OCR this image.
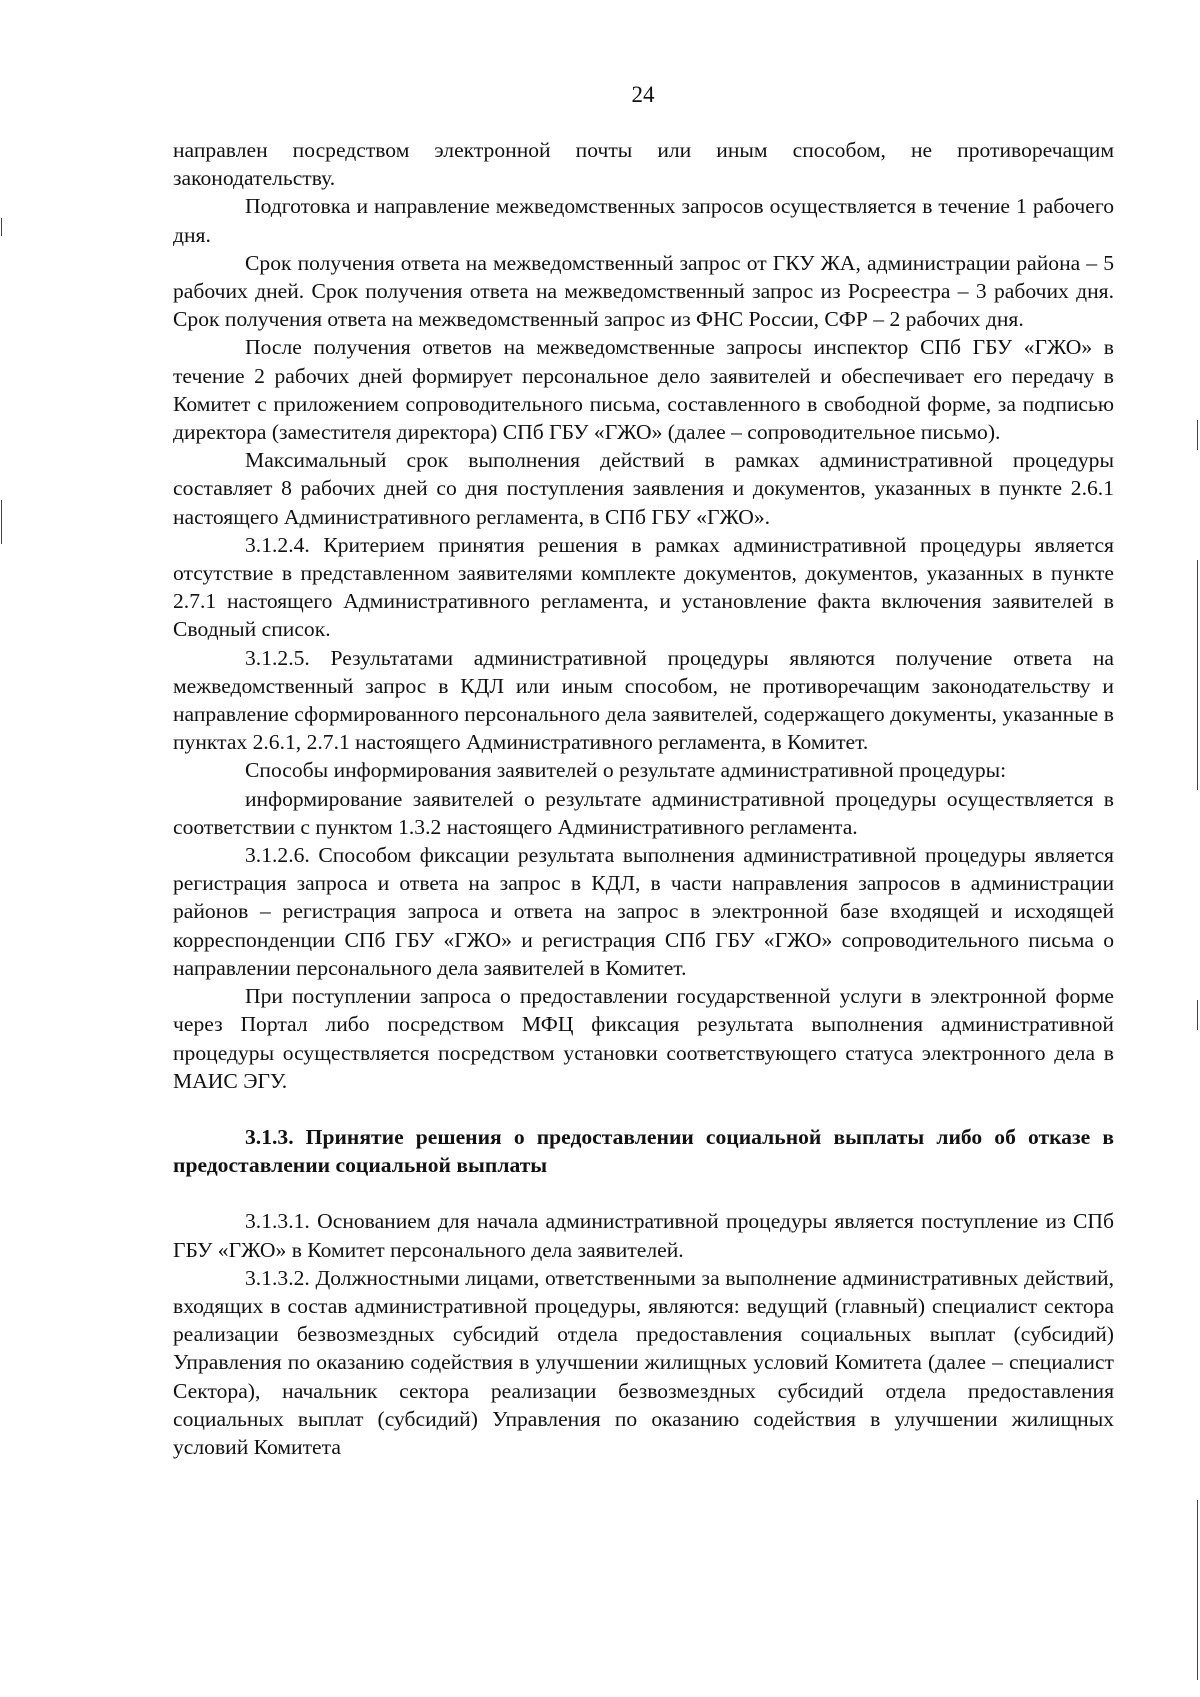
24

направлен посредством электронной почты или иным способом, не противоречащим законодательству.

Подготовка и направление межведомственных запросов осуществляется в течение 1 рабочего дня.

Срок получения ответа на межведомственный запрос от ГКУ ЖА, администрации района – 5 рабочих дней. Срок получения ответа на межведомственный запрос из Росреестра – 3 рабочих дня. Срок получения ответа на межведомственный запрос из ФНС России, СФР – 2 рабочих дня.

После получения ответов на межведомственные запросы инспектор СПб ГБУ «ГЖО» в течение 2 рабочих дней формирует персональное дело заявителей и обеспечивает его передачу в Комитет с приложением сопроводительного письма, составленного в свободной форме, за подписью директора (заместителя директора) СПб ГБУ «ГЖО» (далее – сопроводительное письмо).

Максимальный срок выполнения действий в рамках административной процедуры составляет 8 рабочих дней со дня поступления заявления и документов, указанных в пункте 2.6.1 настоящего Административного регламента, в СПб ГБУ «ГЖО».

3.1.2.4. Критерием принятия решения в рамках административной процедуры является отсутствие в представленном заявителями комплекте документов, документов, указанных в пункте 2.7.1 настоящего Административного регламента, и установление факта включения заявителей в Сводный список.

3.1.2.5. Результатами административной процедуры являются получение ответа на межведомственный запрос в КДЛ или иным способом, не противоречащим законодательству и направление сформированного персонального дела заявителей, содержащего документы, указанные в пунктах 2.6.1, 2.7.1 настоящего Административного регламента, в Комитет.

Способы информирования заявителей о результате административной процедуры:

информирование заявителей о результате административной процедуры осуществляется в соответствии с пунктом 1.3.2 настоящего Административного регламента.

3.1.2.6. Способом фиксации результата выполнения административной процедуры является регистрация запроса и ответа на запрос в КДЛ, в части направления запросов в администрации районов – регистрация запроса и ответа на запрос в электронной базе входящей и исходящей корреспонденции СПб ГБУ «ГЖО» и регистрация СПб ГБУ «ГЖО» сопроводительного письма о направлении персонального дела заявителей в Комитет.

При поступлении запроса о предоставлении государственной услуги в электронной форме через Портал либо посредством МФЦ фиксация результата выполнения административной процедуры осуществляется посредством установки соответствующего статуса электронного дела в МАИС ЭГУ.

3.1.3. Принятие решения о предоставлении социальной выплаты либо об отказе в предоставлении социальной выплаты

3.1.3.1. Основанием для начала административной процедуры является поступление из СПб ГБУ «ГЖО» в Комитет персонального дела заявителей.

3.1.3.2. Должностными лицами, ответственными за выполнение административных действий, входящих в состав административной процедуры, являются: ведущий (главный) специалист сектора реализации безвозмездных субсидий отдела предоставления социальных выплат (субсидий) Управления по оказанию содействия в улучшении жилищных условий Комитета (далее – специалист Сектора), начальник сектора реализации безвозмездных субсидий отдела предоставления социальных выплат (субсидий) Управления по оказанию содействия в улучшении жилищных условий Комитета
